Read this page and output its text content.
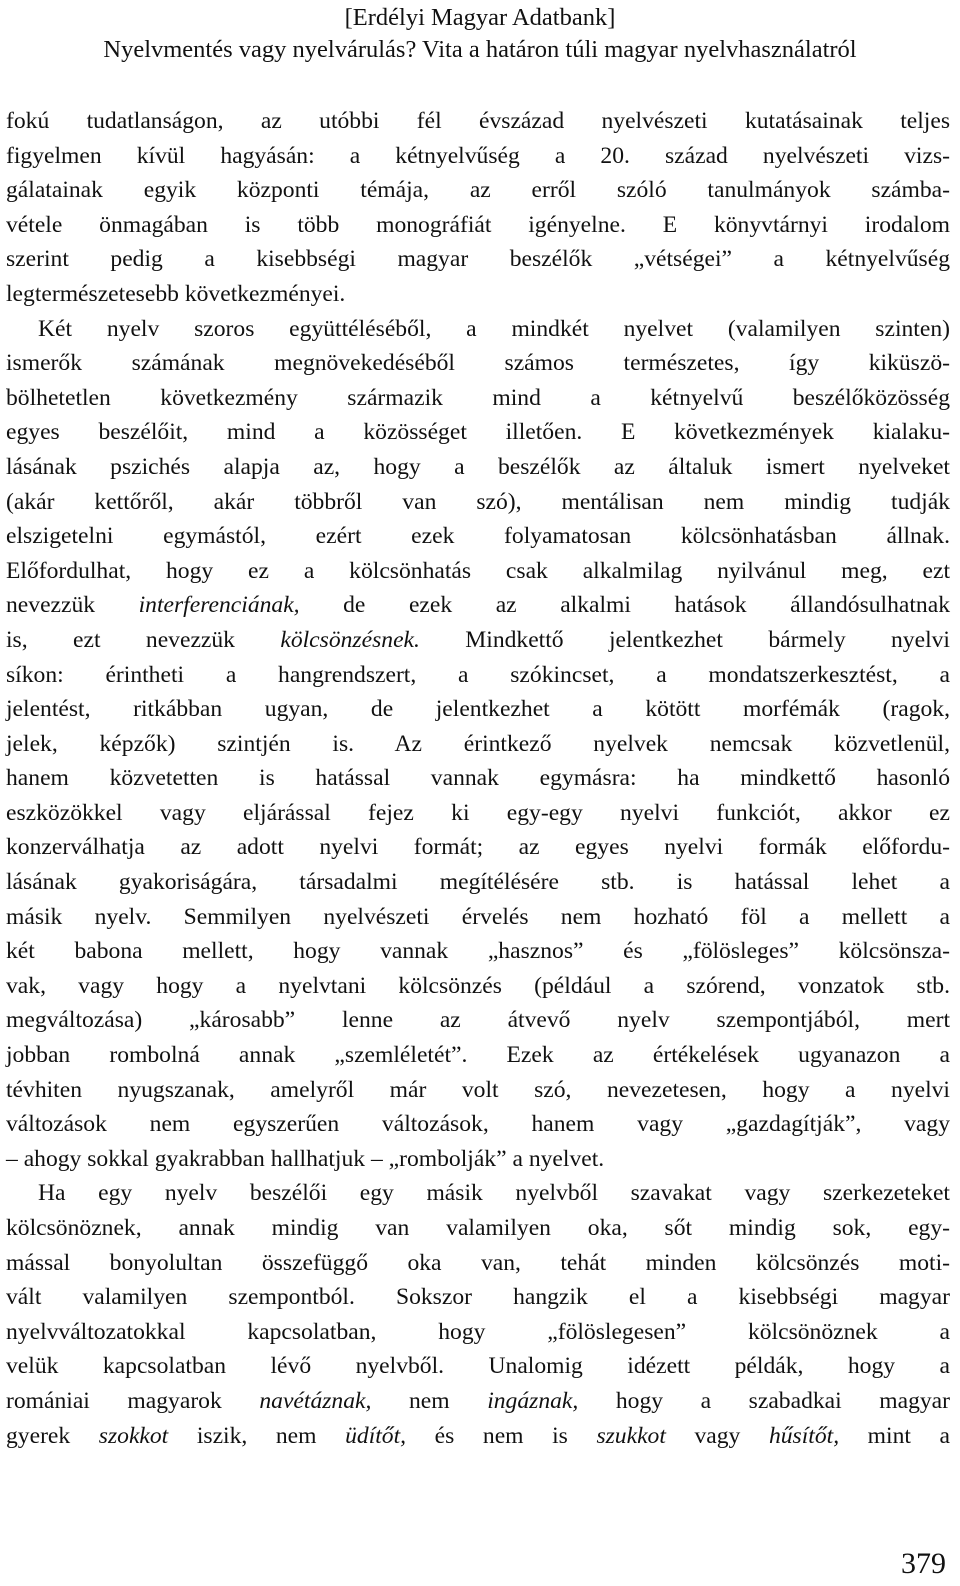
[Erdélyi Magyar Adatbank]
Nyelvmentés vagy nyelvárulás? Vita a határon túli magyar nyelvhasználatról

fokú tudatlanságon, az utóbbi fél évszázad nyelvészeti kutatásainak teljes
figyelmen kívül hagyásán: a kétnyelvűség a 20. század nyelvészeti vizs-
gálatainak egyik központi témája, az erről szóló tanulmányok számba-
vétele önmagában is több monográfiát igényelne. E könyvtárnyi irodalom
szerint pedig a kisebbségi magyar beszélők „vétségei” a kétnyelvűség
legtermészetesebb következményei.

Két nyelv szoros együttéléséből, a mindkét nyelvet (valamilyen szinten)
ismerők számának megnövekedéséből számos természetes, így kiküszö-
bölhetetlen következmény származik mind a kétnyelvű beszélőközösség
egyes beszélőit, mind a közösséget illetően. E következmények kialaku-
lásának pszichés alapja az, hogy a beszélők az általuk ismert nyelveket
(akár kettőről, akár többről van szó), mentálisan nem mindig tudják
elszigetelni egymástól, ezért ezek folyamatosan kölcsönhatásban állnak.
Előfordulhat, hogy ez a kölcsönhatás csak alkalmilag nyilvánul meg, ezt
nevezzük interferenciának, de ezek az alkalmi hatások állandósulhatnak
is, ezt nevezzük kölcsönzésnek. Mindkettő jelentkezhet bármely nyelvi
síkon: érintheti a hangrendszert, a szókincset, a mondatszerkesztést, a
jelentést, ritkábban ugyan, de jelentkezhet a kötött morfémák (ragok,
jelek, képzők) szintjén is. Az érintkező nyelvek nemcsak közvetlenül,
hanem közvetetten is hatással vannak egymásra: ha mindkettő hasonló
eszközökkel vagy eljárással fejez ki egy-egy nyelvi funkciót, akkor ez
konzerválhatja az adott nyelvi formát; az egyes nyelvi formák előfordu-
lásának gyakoriságára, társadalmi megítélésére stb. is hatással lehet a
másik nyelv. Semmilyen nyelvészeti érvelés nem hozható föl a mellett a
két babona mellett, hogy vannak „hasznos” és „fölösleges” kölcsönsza-
vak, vagy hogy a nyelvtani kölcsönzés (például a szórend, vonzatok stb.
megváltozása) „károsabb” lenne az átvevő nyelv szempontjából, mert
jobban rombolná annak „szemléletét”. Ezek az értékelések ugyanazon a
tévhiten nyugszanak, amelyről már volt szó, nevezetesen, hogy a nyelvi
változások nem egyszerűen változások, hanem vagy „gazdagítják”, vagy
– ahogy sokkal gyakrabban hallhatjuk – „rombolják” a nyelvet.

Ha egy nyelv beszélői egy másik nyelvből szavakat vagy szerkezeteket
kölcsönöznek, annak mindig van valamilyen oka, sőt mindig sok, egy-
mással bonyolultan összefüggő oka van, tehát minden kölcsönzés moti-
vált valamilyen szempontból. Sokszor hangzik el a kisebbségi magyar
nyelvváltozatokkal kapcsolatban, hogy „fölöslegesen” kölcsönöznek a
velük kapcsolatban lévő nyelvből. Unalomig idézett példák, hogy a
romániai magyarok navétáznak, nem ingáznak, hogy a szabadkai magyar
gyerek szokkot iszik, nem üdítőt, és nem is szukkot vagy hűsítőt, mint a

379
